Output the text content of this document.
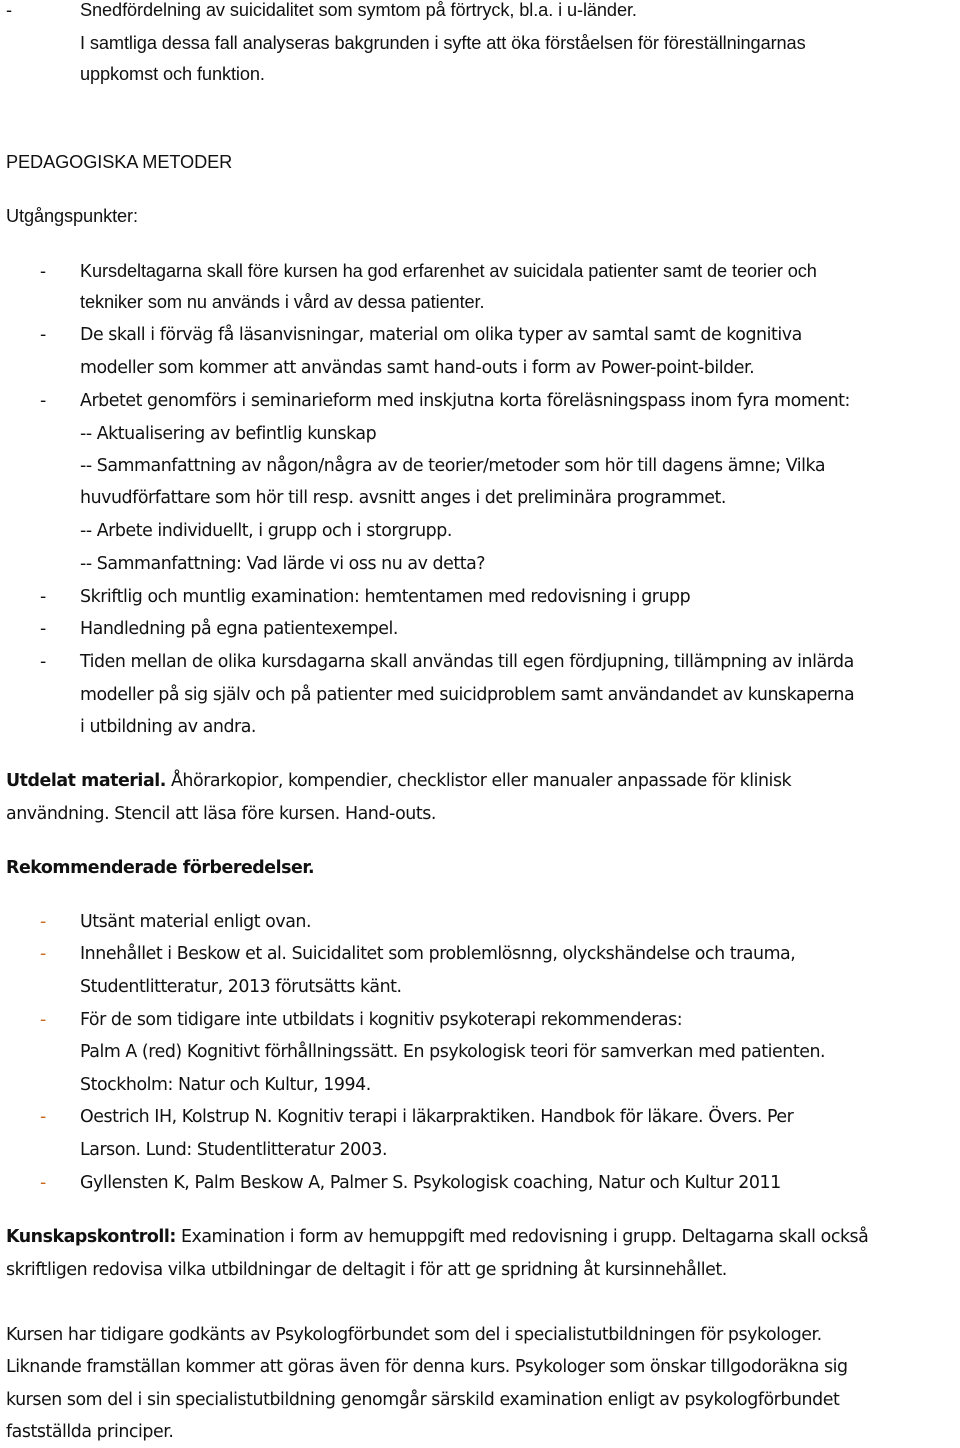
-	Snedfördelning av suicidalitet som symtom på förtryck, bl.a. i u-länder.
I samtliga dessa fall analyseras bakgrunden i syfte att öka förståelsen för föreställningarnas
uppkomst och funktion.
PEDAGOGISKA METODER
Utgångspunkter:
- Kursdeltagarna skall före kursen ha god erfarenhet av suicidala patienter samt de teorier och
tekniker som nu används i vård av dessa patienter.
- De skall i förväg få läsanvisningar, material om olika typer av samtal samt de kognitiva
modeller som kommer att användas samt hand-outs i form av Power-point-bilder.
- Arbetet genomförs i seminarieform med inskjutna korta föreläsningspass inom fyra moment:
-- Aktualisering av befintlig kunskap
-- Sammanfattning av någon/några av de teorier/metoder som hör till dagens ämne; Vilka
huvudförfattare som hör till resp. avsnitt anges i det preliminära programmet.
-- Arbete individuellt, i grupp och i storgrupp.
-- Sammanfattning: Vad lärde vi oss nu av detta?
- Skriftlig och muntlig examination: hemtentamen med redovisning i grupp
- Handledning på egna patientexempel.
- Tiden mellan de olika kursdagarna skall användas till egen fördjupning, tillämpning av inlärda
modeller på sig själv och på patienter med suicidproblem samt användandet av kunskaperna
i utbildning av andra.
Utdelat material. Åhörarkopior, kompendier, checklistor eller manualer anpassade för klinisk
användning. Stencil att läsa före kursen. Hand-outs.
Rekommenderade förberedelser.
- Utsänt material enligt ovan.
- Innehållet i Beskow et al. Suicidalitet som problemlösnng, olyckshändelse och trauma,
Studentlitteratur, 2013 förutsätts känt.
- För de som tidigare inte utbildats i kognitiv psykoterapi rekommenderas:
Palm A (red) Kognitivt förhållningssätt. En psykologisk teori för samverkan med patienten.
Stockholm: Natur och Kultur, 1994.
- Oestrich IH, Kolstrup N. Kognitiv terapi i läkarpraktiken. Handbok för läkare. Övers. Per
Larson. Lund: Studentlitteratur 2003.
- Gyllensten K, Palm Beskow A, Palmer S. Psykologisk coaching, Natur och Kultur 2011
Kunskapskontroll: Examination i form av hemuppgift med redovisning i grupp. Deltagarna skall också
skriftligen redovisa vilka utbildningar de deltagit i för att ge spridning åt kursinnehållet.
Kursen har tidigare godkänts av Psykologförbundet som del i specialistutbildningen för psykologer.
Liknande framställan kommer att göras även för denna kurs. Psykologer som önskar tillgodoräkna sig
kursen som del i sin specialistutbildning genomgår särskild examination enligt av psykologförbundet
fastställda principer.
